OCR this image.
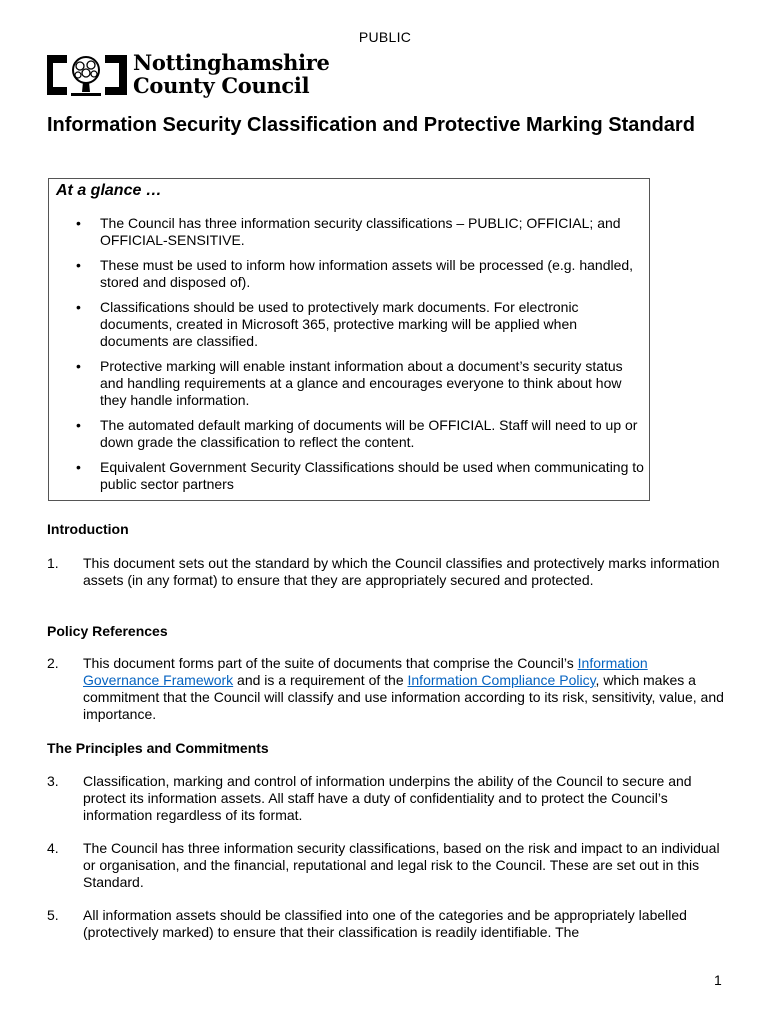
PUBLIC
Nottinghamshire
County Council
Information Security Classification and Protective Marking Standard

At a glance …

• The Council has three information security classifications – PUBLIC; OFFICIAL; and OFFICIAL-SENSITIVE.
• These must be used to inform how information assets will be processed (e.g. handled, stored and disposed of).
• Classifications should be used to protectively mark documents. For electronic documents, created in Microsoft 365, protective marking will be applied when documents are classified.
• Protective marking will enable instant information about a document’s security status and handling requirements at a glance and encourages everyone to think about how they handle information.
• The automated default marking of documents will be OFFICIAL. Staff will need to up or down grade the classification to reflect the content.
• Equivalent Government Security Classifications should be used when communicating to public sector partners

Introduction

1. This document sets out the standard by which the Council classifies and protectively marks information assets (in any format) to ensure that they are appropriately secured and protected.

Policy References

2. This document forms part of the suite of documents that comprise the Council’s Information Governance Framework and is a requirement of the Information Compliance Policy, which makes a commitment that the Council will classify and use information according to its risk, sensitivity, value, and importance.

The Principles and Commitments

3. Classification, marking and control of information underpins the ability of the Council to secure and protect its information assets. All staff have a duty of confidentiality and to protect the Council’s information regardless of its format.
4. The Council has three information security classifications, based on the risk and impact to an individual or organisation, and the financial, reputational and legal risk to the Council. These are set out in this Standard.
5. All information assets should be classified into one of the categories and be appropriately labelled (protectively marked) to ensure that their classification is readily identifiable. The
1
